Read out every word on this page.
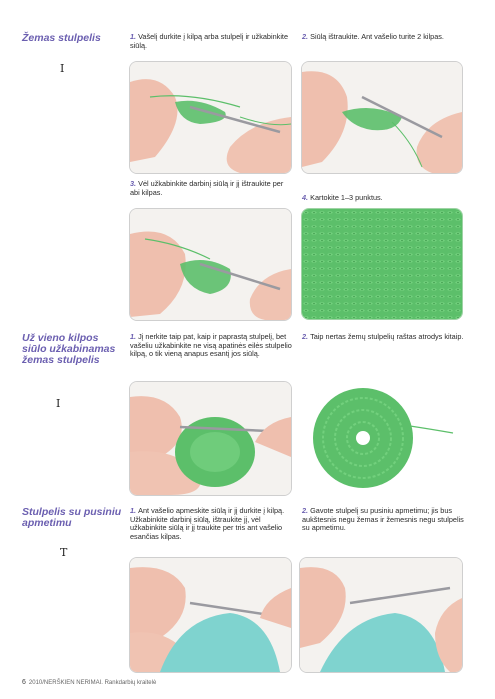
Žemas stulpelis
I
1. Vašelį durkite į kilpą arba stulpelį ir užkabinkite siūlą.
2. Siūlą ištraukite. Ant vašelio turite 2 kilpas.
3. Vėl užkabinkite darbinį siūlą ir jį ištraukite per abi kilpas.
4. Kartokite 1–3 punktus.
Už vieno kilpos siūlo užkabinamas žemas stulpelis
I
1. Jį nerkite taip pat, kaip ir paprastą stulpelį, bet vašeliu užkabinkite ne visą apatinės eilės stulpelio kilpą, o tik vieną anapus esantį jos siūlą.
2. Taip nertas žemų stulpelių raštas atrodys kitaip.
Stulpelis su pusiniu apmetimu
T
1. Ant vašelio apmeskite siūlą ir jį durkite į kilpą. Užkabinkite darbinį siūlą, ištraukite jį, vėl užkabinkite siūlą ir jį traukite per tris ant vašelio esančias kilpas.
2. Gavote stulpelį su pusiniu apmetimu; jis bus aukštesnis negu žemas ir žemesnis negu stulpelis su apmetimu.
6 2010/NERŠKIEN NERIMAI. Rankdarbių kraitelė
